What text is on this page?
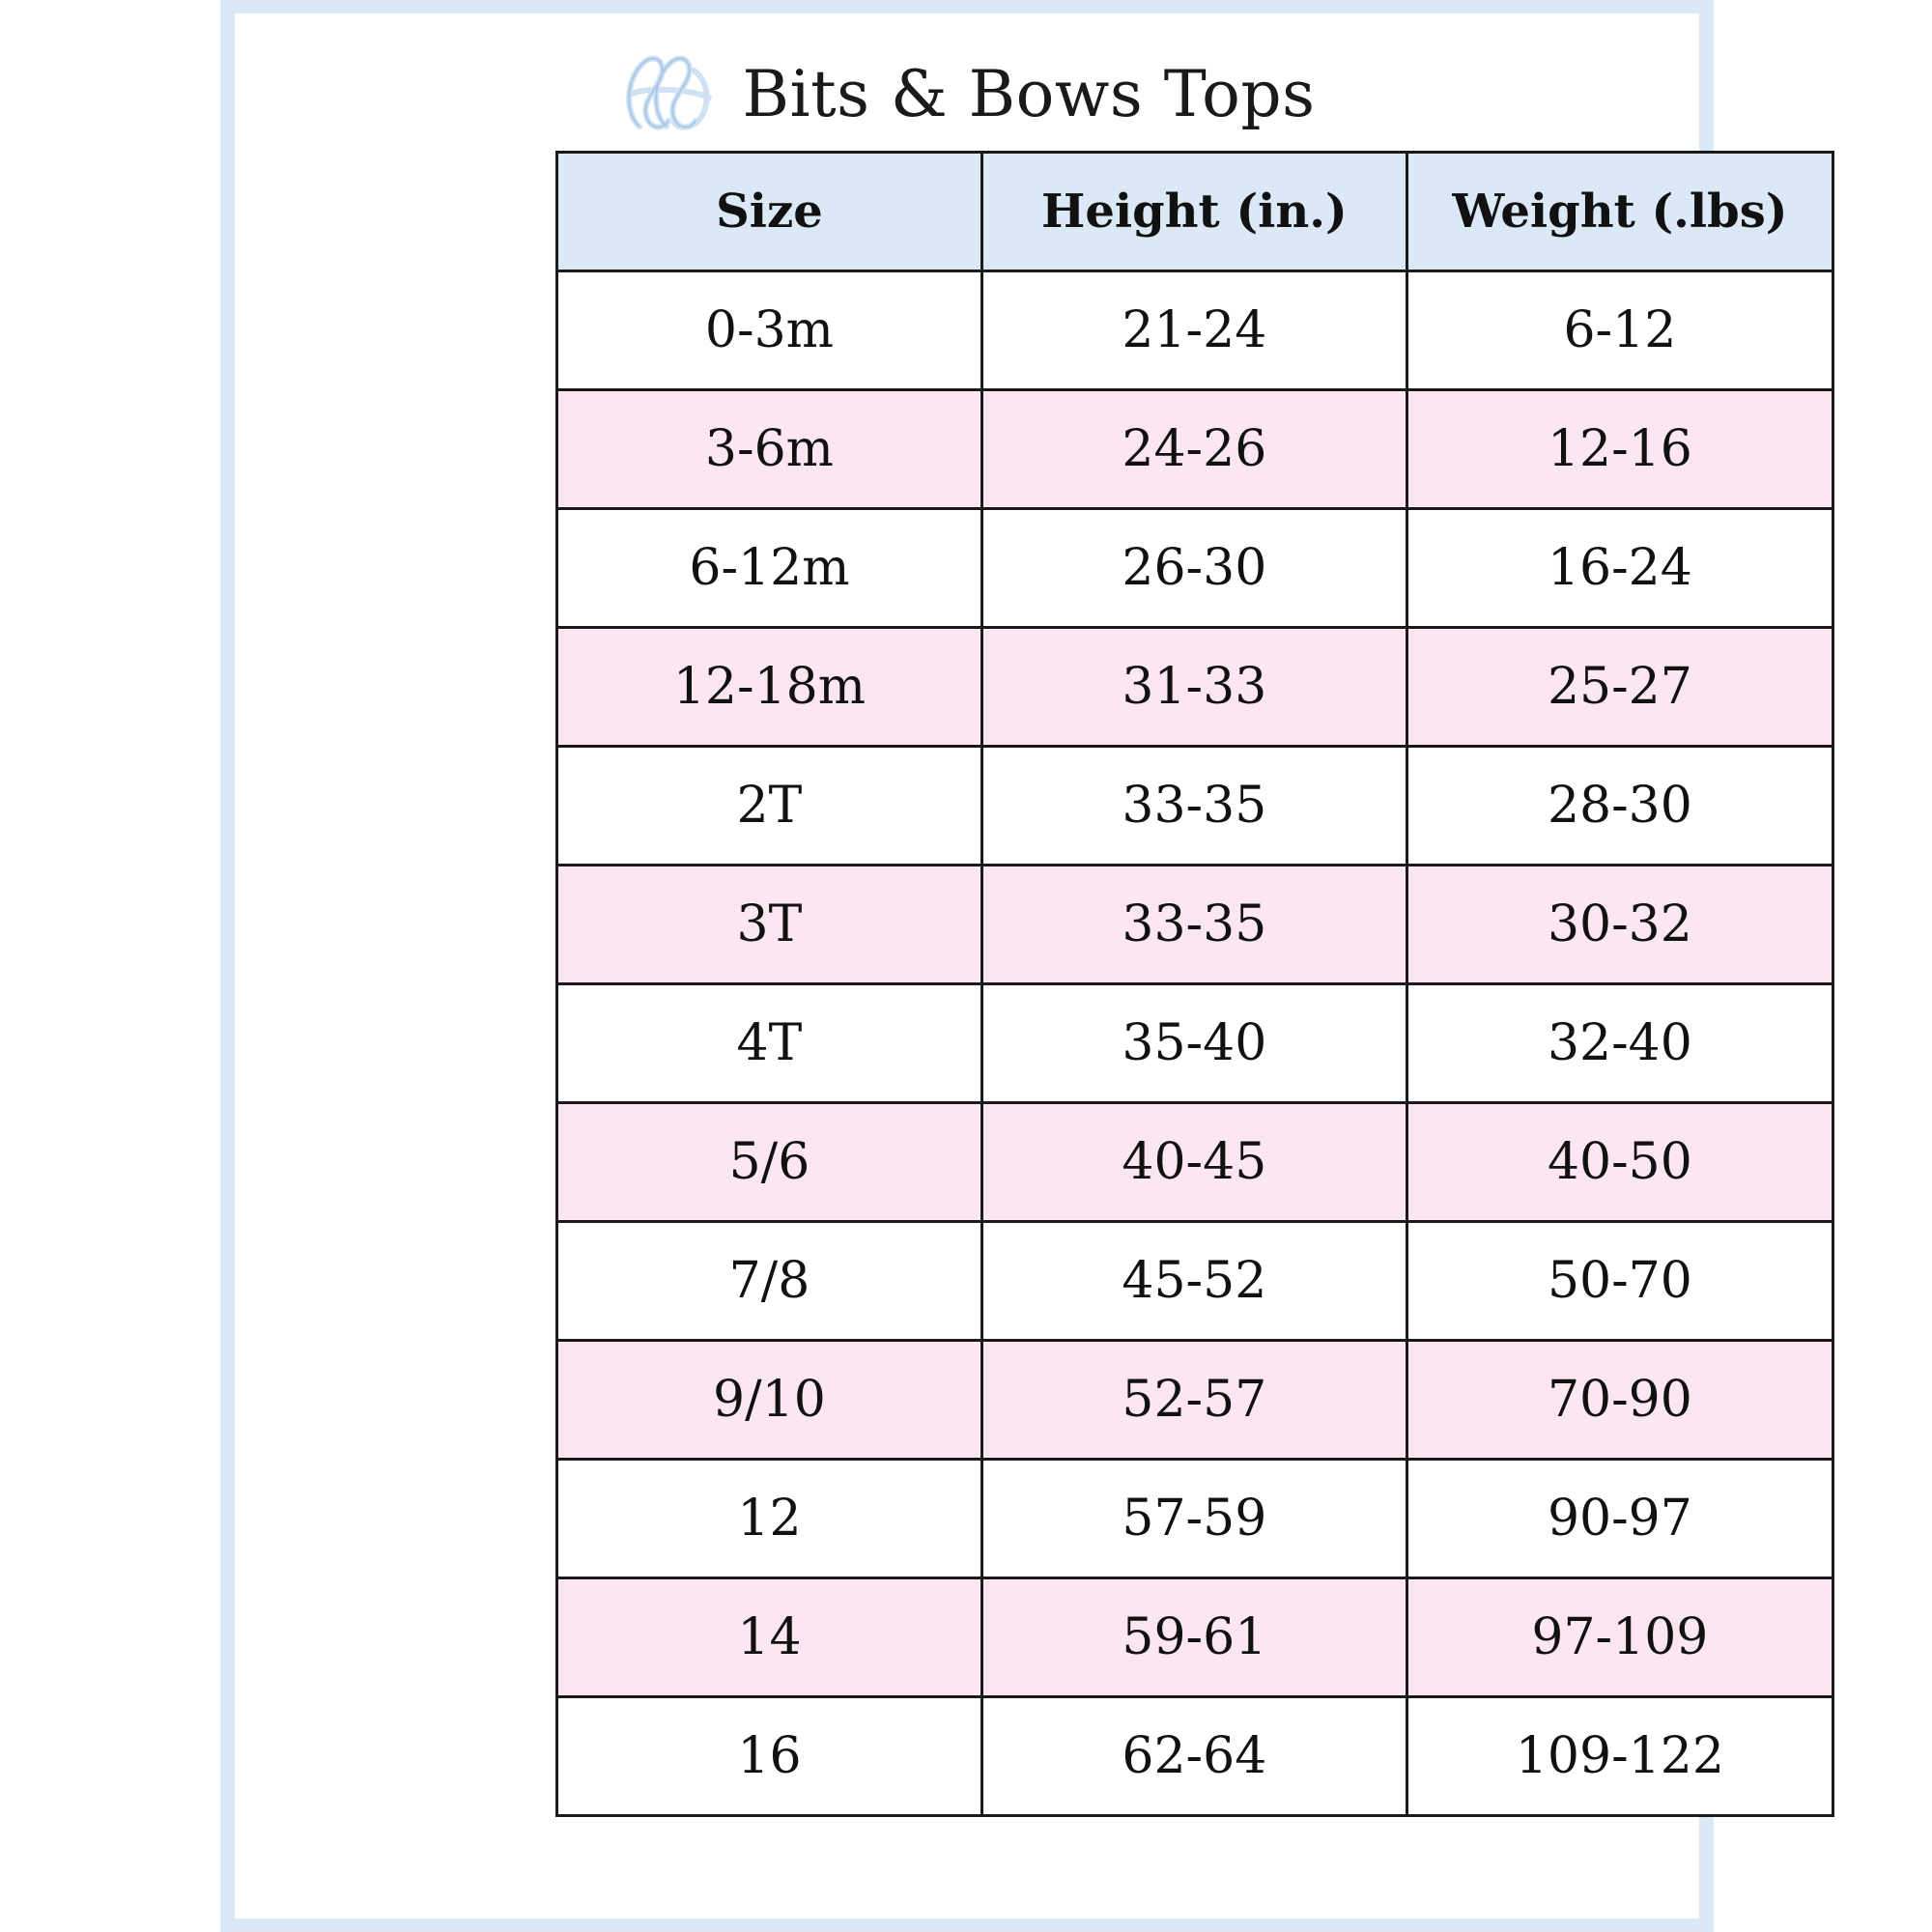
Bits & Bows Tops
Size	Height (in.)	Weight (.lbs)
0-3m	21-24	6-12
3-6m	24-26	12-16
6-12m	26-30	16-24
12-18m	31-33	25-27
2T	33-35	28-30
3T	33-35	30-32
4T	35-40	32-40
5/6	40-45	40-50
7/8	45-52	50-70
9/10	52-57	70-90
12	57-59	90-97
14	59-61	97-109
16	62-64	109-122
